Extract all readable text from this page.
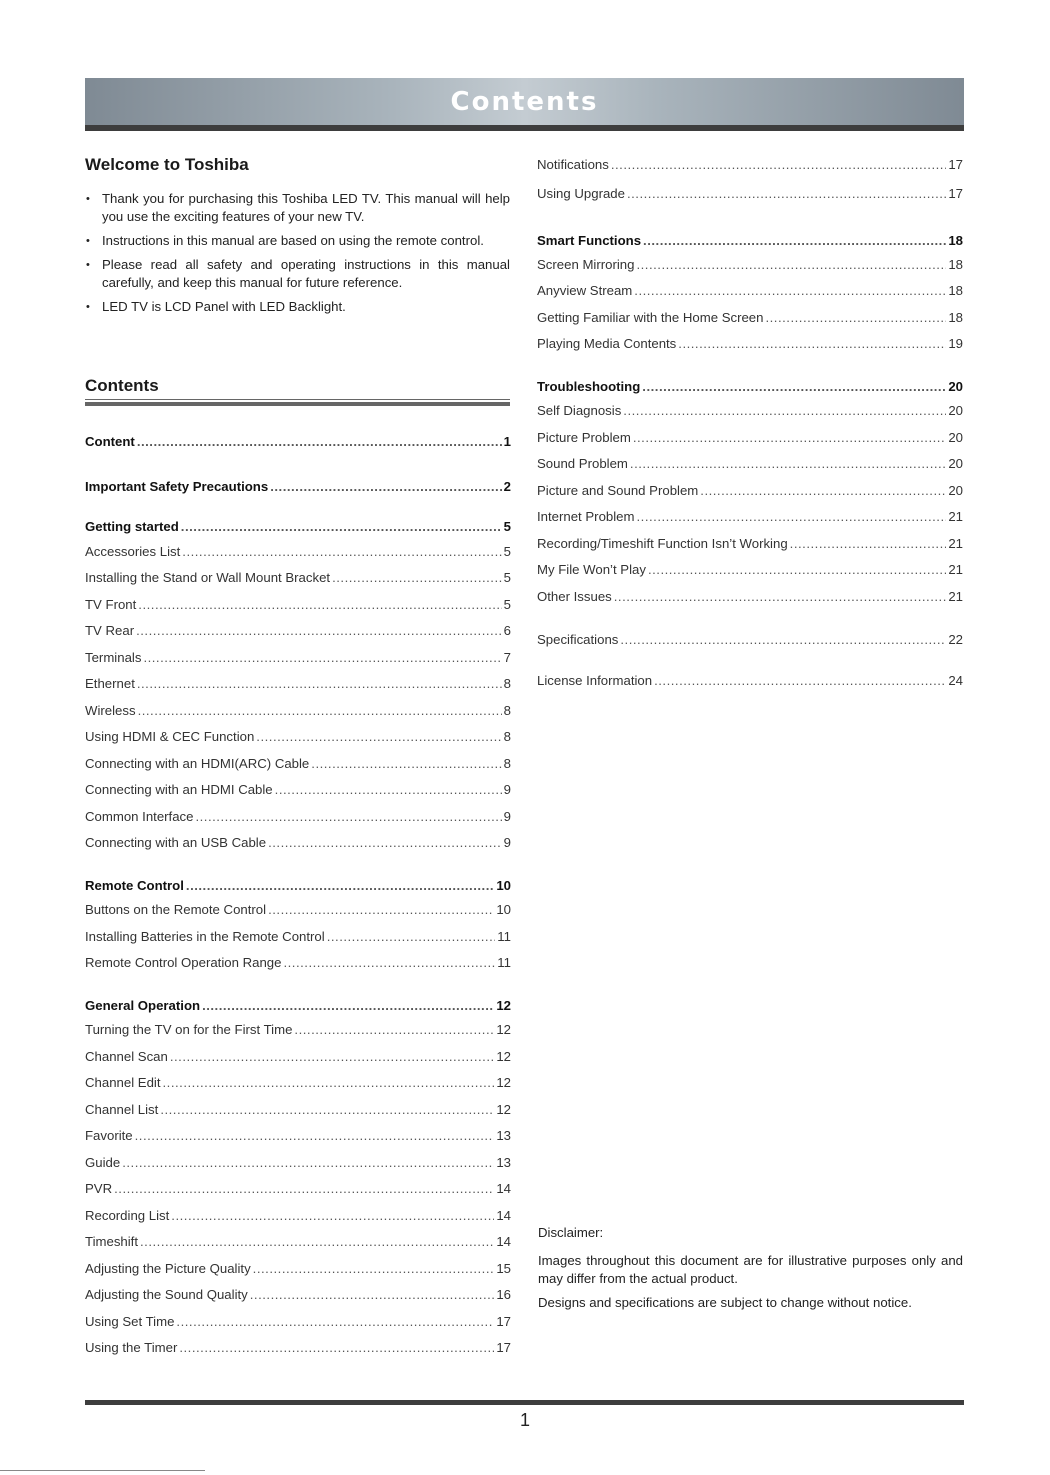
Contents
Welcome to Toshiba
• Thank you for purchasing this Toshiba LED TV. This manual will help you use the exciting features of your new TV.
• Instructions in this manual are based on using the remote control.
• Please read all safety and operating instructions in this manual carefully, and keep this manual for future reference.
• LED TV is LCD Panel with LED Backlight.
Contents
Content .....	1
Important Safety Precautions .....	2
Getting started .....	5
Accessories List .....	5
Installing the Stand or Wall Mount Bracket .....	5
TV Front .....	5
TV Rear .....	6
Terminals .....	7
Ethernet .....	8
Wireless .....	8
Using HDMI & CEC Function .....	8
Connecting with an HDMI(ARC) Cable .....	8
Connecting with an HDMI Cable .....	9
Common Interface .....	9
Connecting with an USB Cable .....	9
Remote Control .....	10
Buttons on the Remote Control .....	10
Installing Batteries in the Remote Control .....	11
Remote Control Operation Range .....	11
General Operation .....	12
Turning the TV on for the First Time .....	12
Channel Scan .....	12
Channel Edit .....	12
Channel List .....	12
Favorite .....	13
Guide .....	13
PVR .....	14
Recording List .....	14
Timeshift .....	14
Adjusting the Picture Quality .....	15
Adjusting the Sound Quality .....	16
Using Set Time .....	17
Using the Timer .....	17
Notifications .....	17
Using Upgrade .....	17
Smart Functions .....	18
Screen Mirroring .....	18
Anyview Stream .....	18
Getting Familiar with the Home Screen .....	18
Playing Media Contents .....	19
Troubleshooting .....	20
Self Diagnosis .....	20
Picture Problem .....	20
Sound Problem .....	20
Picture and Sound Problem .....	20
Internet Problem .....	21
Recording/Timeshift Function Isn’t Working .....	21
My File Won’t Play .....	21
Other Issues .....	21
Specifications .....	22
License Information .....	24

Disclaimer:

Images throughout this document are for illustrative purposes only and may differ from the actual product.

Designs and specifications are subject to change without notice.

1
